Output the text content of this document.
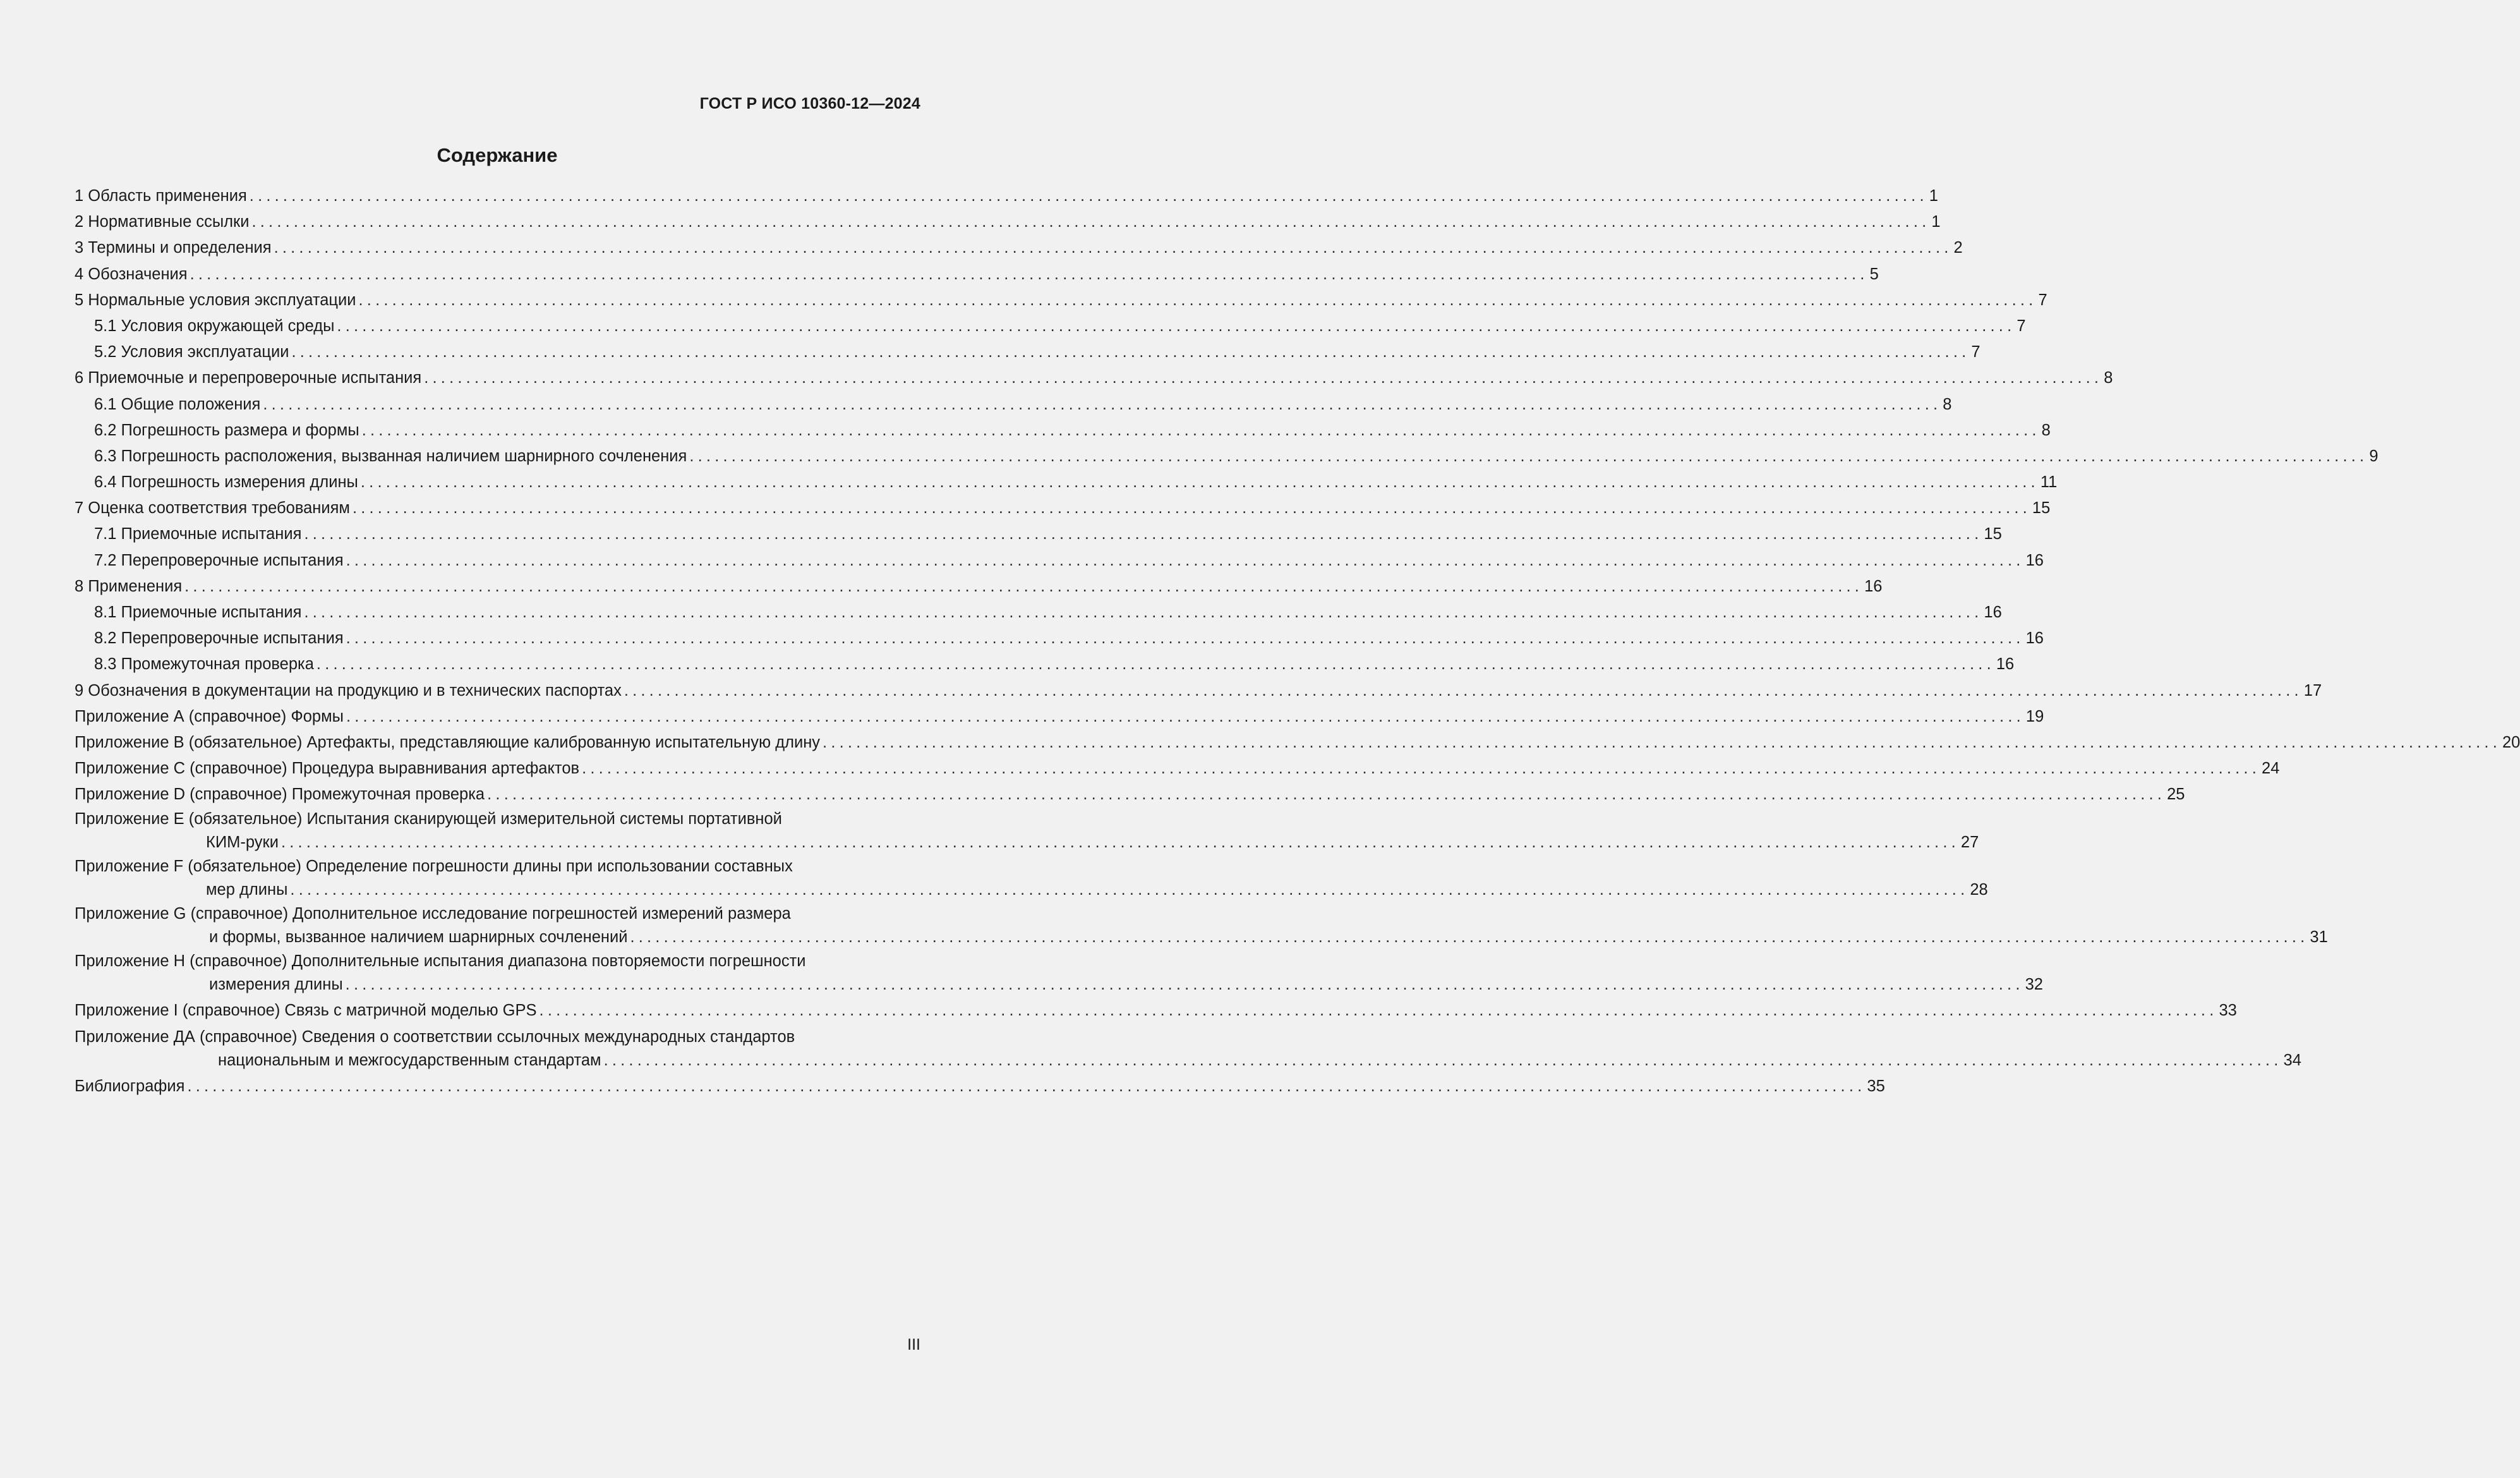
ГОСТ Р ИСО 10360-12—2024
Содержание
1 Область применения ........................................................................................................................................................................................................ 1
2 Нормативные ссылки ........................................................................................................................................................................................................ 1
3 Термины и определения ........................................................................................................................................................................................................ 2
4 Обозначения ........................................................................................................................................................................................................ 5
5 Нормальные условия эксплуатации ........................................................................................................................................................................................................ 7
5.1 Условия окружающей среды ........................................................................................................................................................................................................ 7
5.2 Условия эксплуатации ........................................................................................................................................................................................................ 7
6 Приемочные и перепроверочные испытания ........................................................................................................................................................................................................ 8
6.1 Общие положения ........................................................................................................................................................................................................ 8
6.2 Погрешность размера и формы ........................................................................................................................................................................................................ 8
6.3 Погрешность расположения, вызванная наличием шарнирного сочленения ........................................................................................................................................................................................................ 9
6.4 Погрешность измерения длины ........................................................................................................................................................................................................ 11
7 Оценка соответствия требованиям ........................................................................................................................................................................................................ 15
7.1 Приемочные испытания ........................................................................................................................................................................................................ 15
7.2 Перепроверочные испытания ........................................................................................................................................................................................................ 16
8 Применения ........................................................................................................................................................................................................ 16
8.1 Приемочные испытания ........................................................................................................................................................................................................ 16
8.2 Перепроверочные испытания ........................................................................................................................................................................................................ 16
8.3 Промежуточная проверка ........................................................................................................................................................................................................ 16
9 Обозначения в документации на продукцию и в технических паспортах ........................................................................................................................................................................................................ 17
Приложение А (справочное) Формы ........................................................................................................................................................................................................ 19
Приложение В (обязательное) Артефакты, представляющие калиброванную испытательную длину ........................................................................................................................................................................................................ 20
Приложение С (справочное) Процедура выравнивания артефактов ........................................................................................................................................................................................................ 24
Приложение D (справочное) Промежуточная проверка ........................................................................................................................................................................................................ 25
Приложение Е (обязательное) Испытания сканирующей измерительной системы портативной
КИМ-руки ........................................................................................................................................................................................................ 27
Приложение F (обязательное) Определение погрешности длины при использовании составных
мер длины ........................................................................................................................................................................................................ 28
Приложение G (справочное) Дополнительное исследование погрешностей измерений размера
и формы, вызванное наличием шарнирных сочленений ........................................................................................................................................................................................................ 31
Приложение Н (справочное) Дополнительные испытания диапазона повторяемости погрешности
измерения длины ........................................................................................................................................................................................................ 32
Приложение I (справочное) Связь с матричной моделью GPS ........................................................................................................................................................................................................ 33
Приложение ДА (справочное) Сведения о соответствии ссылочных международных стандартов
национальным и межгосударственным стандартам ........................................................................................................................................................................................................ 34
Библиография ........................................................................................................................................................................................................ 35
III
